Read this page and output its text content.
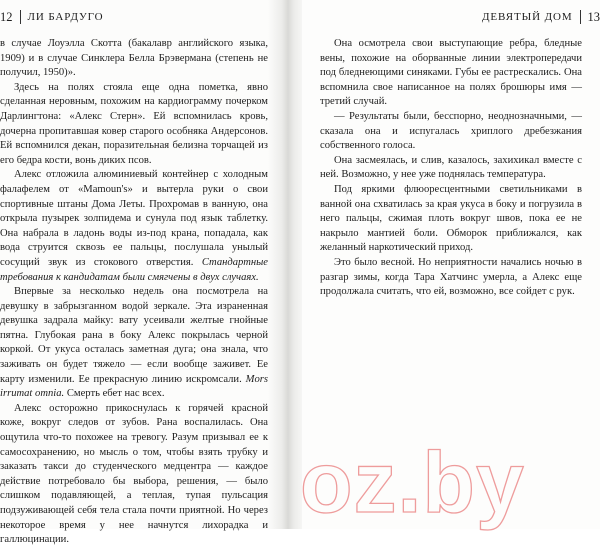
12 ЛИ БАРДУГО

в случае Лоуэлла Скотта (бакалавр английского языка, 1909) и в случае Синклера Белла Брэвермана (степень не получил, 1950)».

Здесь на полях стояла еще одна пометка, явно сделанная неровным, похожим на кардиограмму почерком Дарлингтона: «Алекс Стерн». Ей вспомнилась кровь, дочерна пропитавшая ковер старого особняка Андерсонов. Ей вспомнился декан, поразительная белизна торчащей из его бедра кости, вонь диких псов.

Алекс отложила алюминиевый контейнер с холодным фалафелем от «Mamoun's» и вытерла руки о свои спортивные штаны Дома Леты. Прохромав в ванную, она открыла пузырек золпидема и сунула под язык таблетку. Она набрала в ладонь воды из-под крана, попадала, как вода струится сквозь ее пальцы, послушала унылый сосущий звук из стокового отверстия. Стандартные требования к кандидатам были смягчены в двух случаях.

Впервые за несколько недель она посмотрела на девушку в забрызганном водой зеркале. Эта израненная девушка задрала майку: вату усеивали желтые гнойные пятна. Глубокая рана в боку Алекс покрылась черной коркой. От укуса осталась заметная дуга; она знала, что заживать он будет тяжело — если вообще заживет. Ее карту изменили. Ее прекрасную линию искромсали. Mors irrumat omnia. Смерть ебет нас всех.

Алекс осторожно прикоснулась к горячей красной коже, вокруг следов от зубов. Рана воспалилась. Она ощутила что-то похожее на тревогу. Разум призывал ее к самосохранению, но мысль о том, чтобы взять трубку и заказать такси до студенческого медцентра — каждое действие потребовало бы выбора, решения, — было слишком подавляющей, а теплая, тупая пульсация подзуживающей себя тела стала почти приятной. Но через некоторое время у нее начнутся лихорадка и галлюцинации.

ДЕВЯТЫЙ ДОМ 13

Она осмотрела свои выступающие ребра, бледные вены, похожие на оборванные линии электропередачи под бледнеющими синяками. Губы ее растрескались. Она вспомнила свое написанное на полях брошюры имя — третий случай.

— Результаты были, бесспорно, неоднозначными, — сказала она и испугалась хриплого дребезжания собственного голоса.

Она засмеялась, и слив, казалось, захихикал вместе с ней. Возможно, у нее уже поднялась температура.

Под яркими флюоресцентными светильниками в ванной она схватилась за края укуса в боку и погрузила в него пальцы, сжимая плоть вокруг швов, пока ее не накрыло мантией боли. Обморок приближался, как желанный наркотический приход.

Это было весной. Но неприятности начались ночью в разгар зимы, когда Тара Хатчинс умерла, а Алекс еще продолжала считать, что ей, возможно, все сойдет с рук.
